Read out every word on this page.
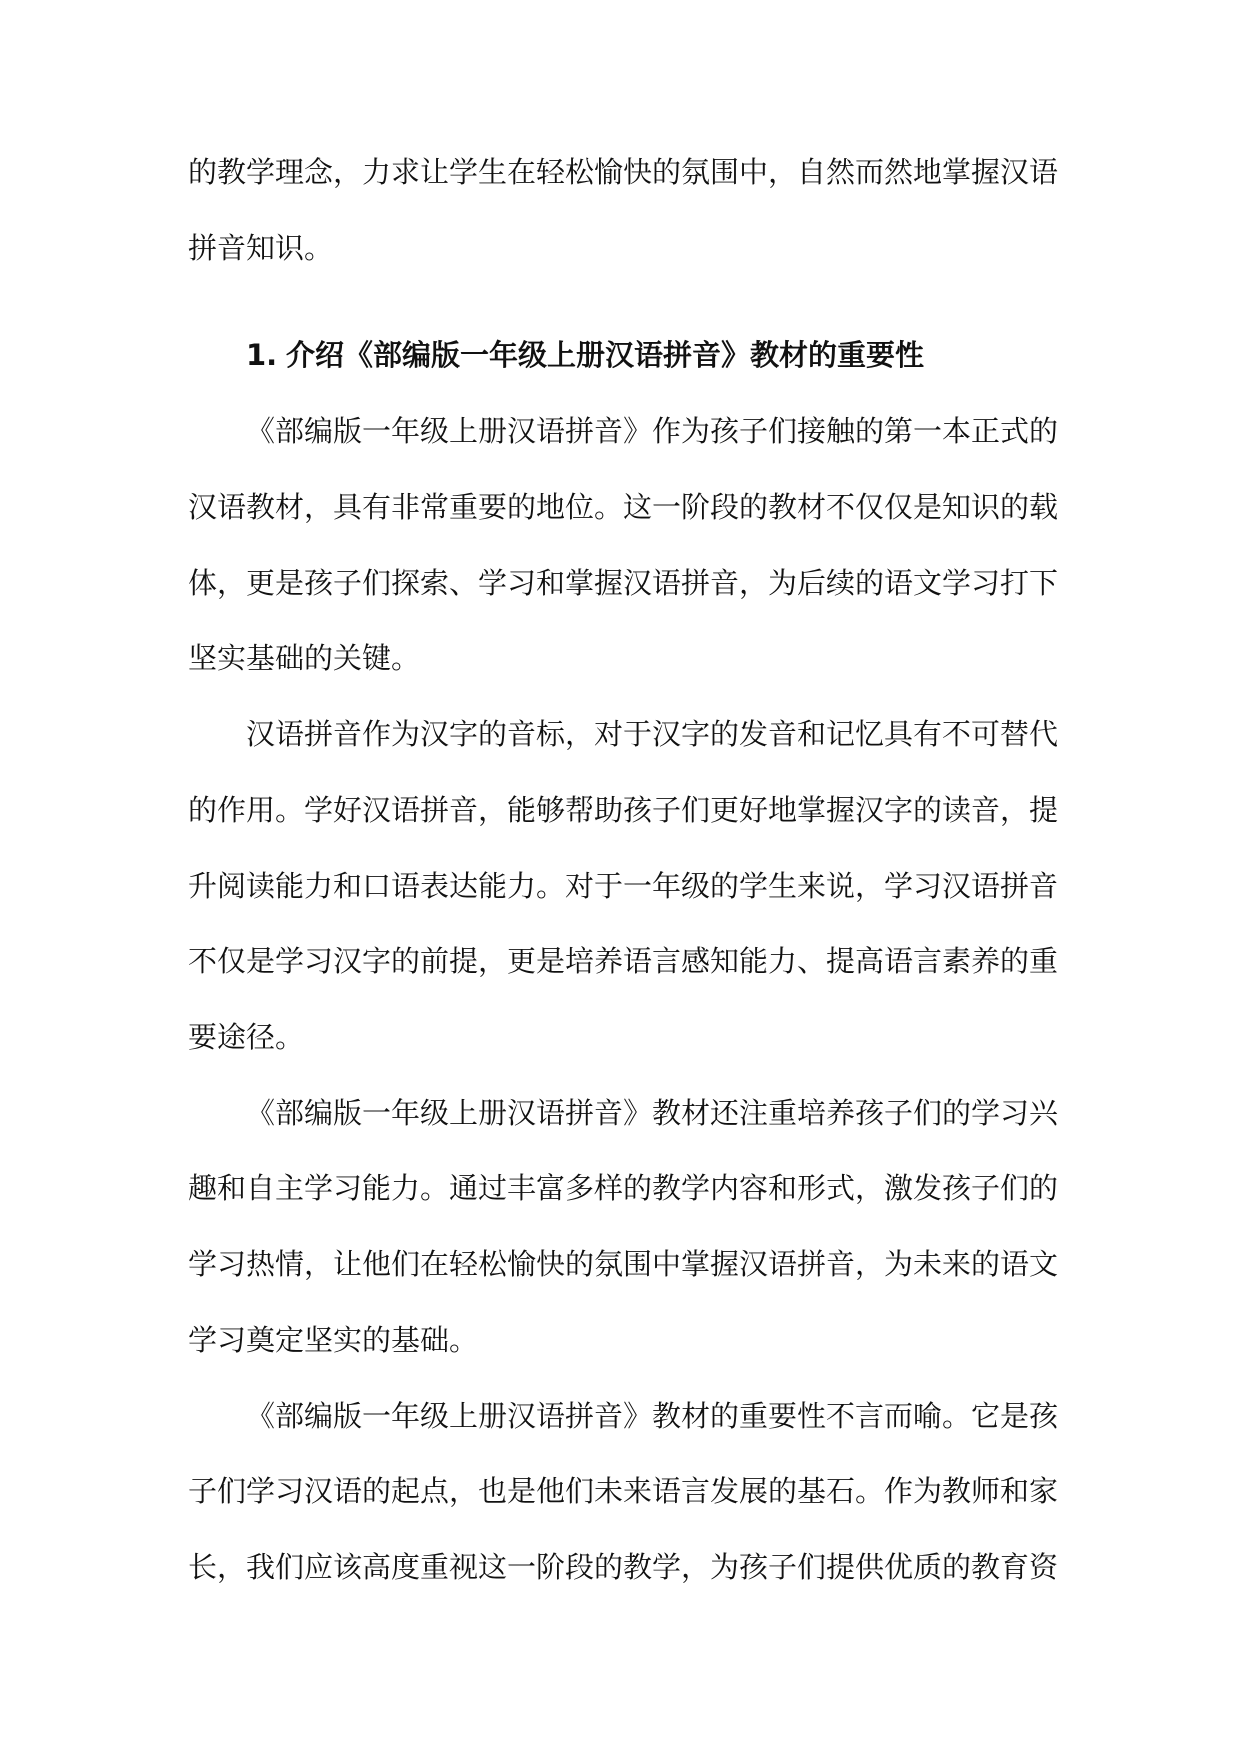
的教学理念，力求让学生在轻松愉快的氛围中，自然而然地掌握汉语
拼音知识。
1. 介绍《部编版一年级上册汉语拼音》教材的重要性
《部编版一年级上册汉语拼音》作为孩子们接触的第一本正式的
汉语教材，具有非常重要的地位。这一阶段的教材不仅仅是知识的载
体，更是孩子们探索、学习和掌握汉语拼音，为后续的语文学习打下
坚实基础的关键。
汉语拼音作为汉字的音标，对于汉字的发音和记忆具有不可替代
的作用。学好汉语拼音，能够帮助孩子们更好地掌握汉字的读音，提
升阅读能力和口语表达能力。对于一年级的学生来说，学习汉语拼音
不仅是学习汉字的前提，更是培养语言感知能力、提高语言素养的重
要途径。
《部编版一年级上册汉语拼音》教材还注重培养孩子们的学习兴
趣和自主学习能力。通过丰富多样的教学内容和形式，激发孩子们的
学习热情，让他们在轻松愉快的氛围中掌握汉语拼音，为未来的语文
学习奠定坚实的基础。
《部编版一年级上册汉语拼音》教材的重要性不言而喻。它是孩
子们学习汉语的起点，也是他们未来语言发展的基石。作为教师和家
长，我们应该高度重视这一阶段的教学，为孩子们提供优质的教育资
